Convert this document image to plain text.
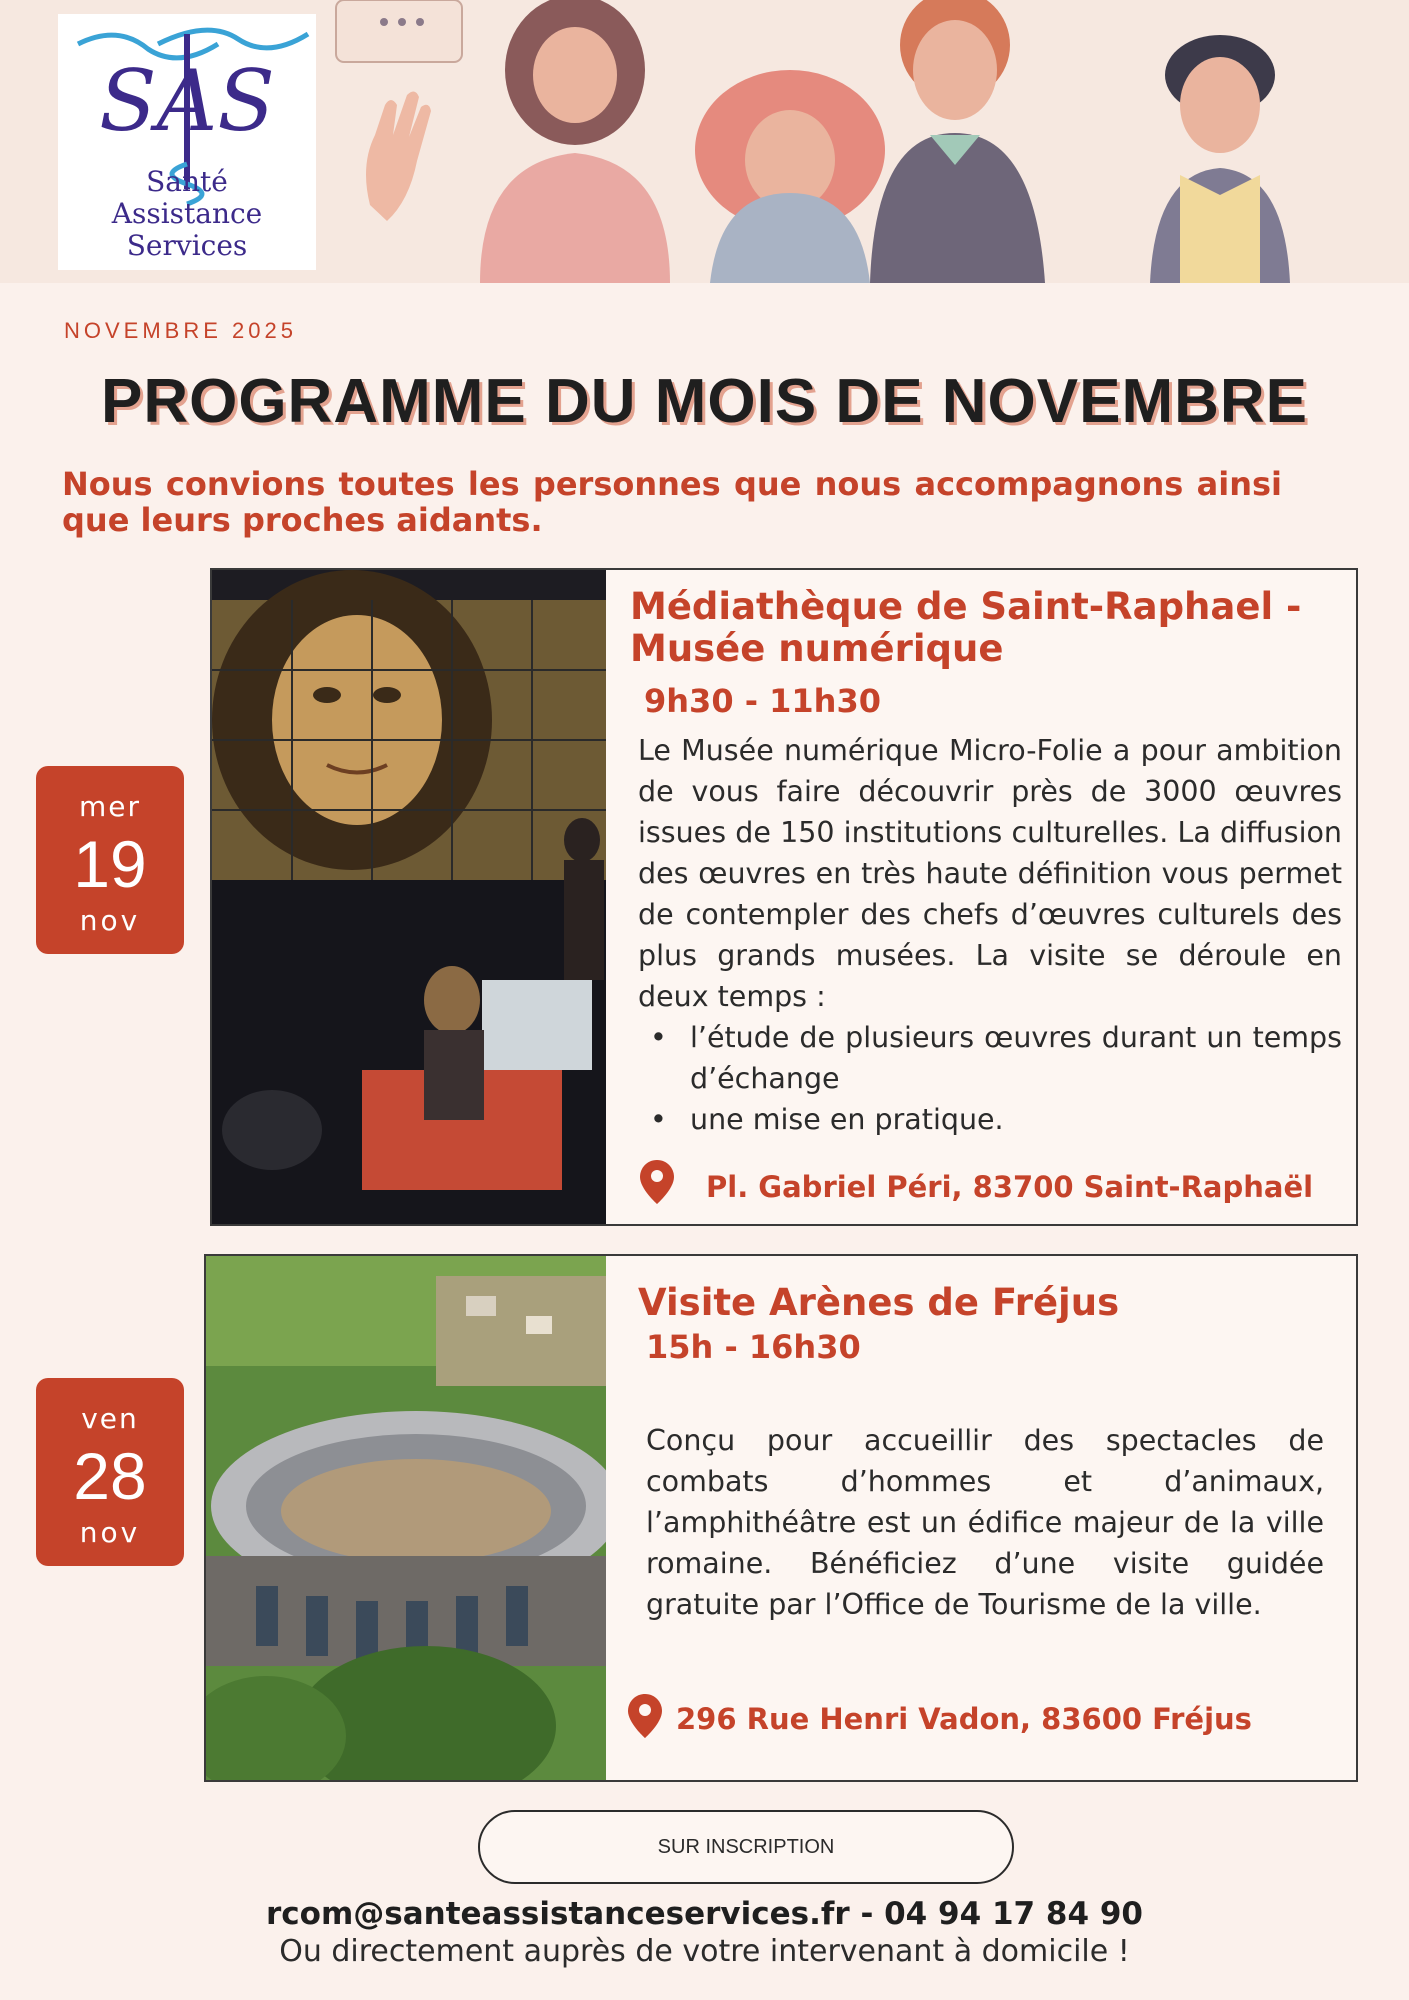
SAS
Santé
Assistance
Services
NOVEMBRE 2025
PROGRAMME DU MOIS DE NOVEMBRE
Nous convions toutes les personnes que nous accompagnons ainsi que leurs proches aidants.
mer
19
nov
Médiathèque de Saint-Raphael - Musée numérique
9h30 - 11h30
Le Musée numérique Micro-Folie a pour ambition de vous faire découvrir près de 3000 œuvres issues de 150 institutions culturelles. La diffusion des œuvres en très haute définition vous permet de contempler des chefs d’œuvres culturels des plus grands musées. La visite se déroule en deux temps :
• l’étude de plusieurs œuvres durant un temps d’échange
• une mise en pratique.
Pl. Gabriel Péri, 83700 Saint-Raphaël
ven
28
nov
Visite Arènes de Fréjus
15h - 16h30
Conçu pour accueillir des spectacles de combats d’hommes et d’animaux, l’amphithéâtre est un édifice majeur de la ville romaine. Bénéficiez d’une visite guidée gratuite par l’Office de Tourisme de la ville.
296 Rue Henri Vadon, 83600 Fréjus
SUR INSCRIPTION
rcom@santeassistanceservices.fr - 04 94 17 84 90
Ou directement auprès de votre intervenant à domicile !
